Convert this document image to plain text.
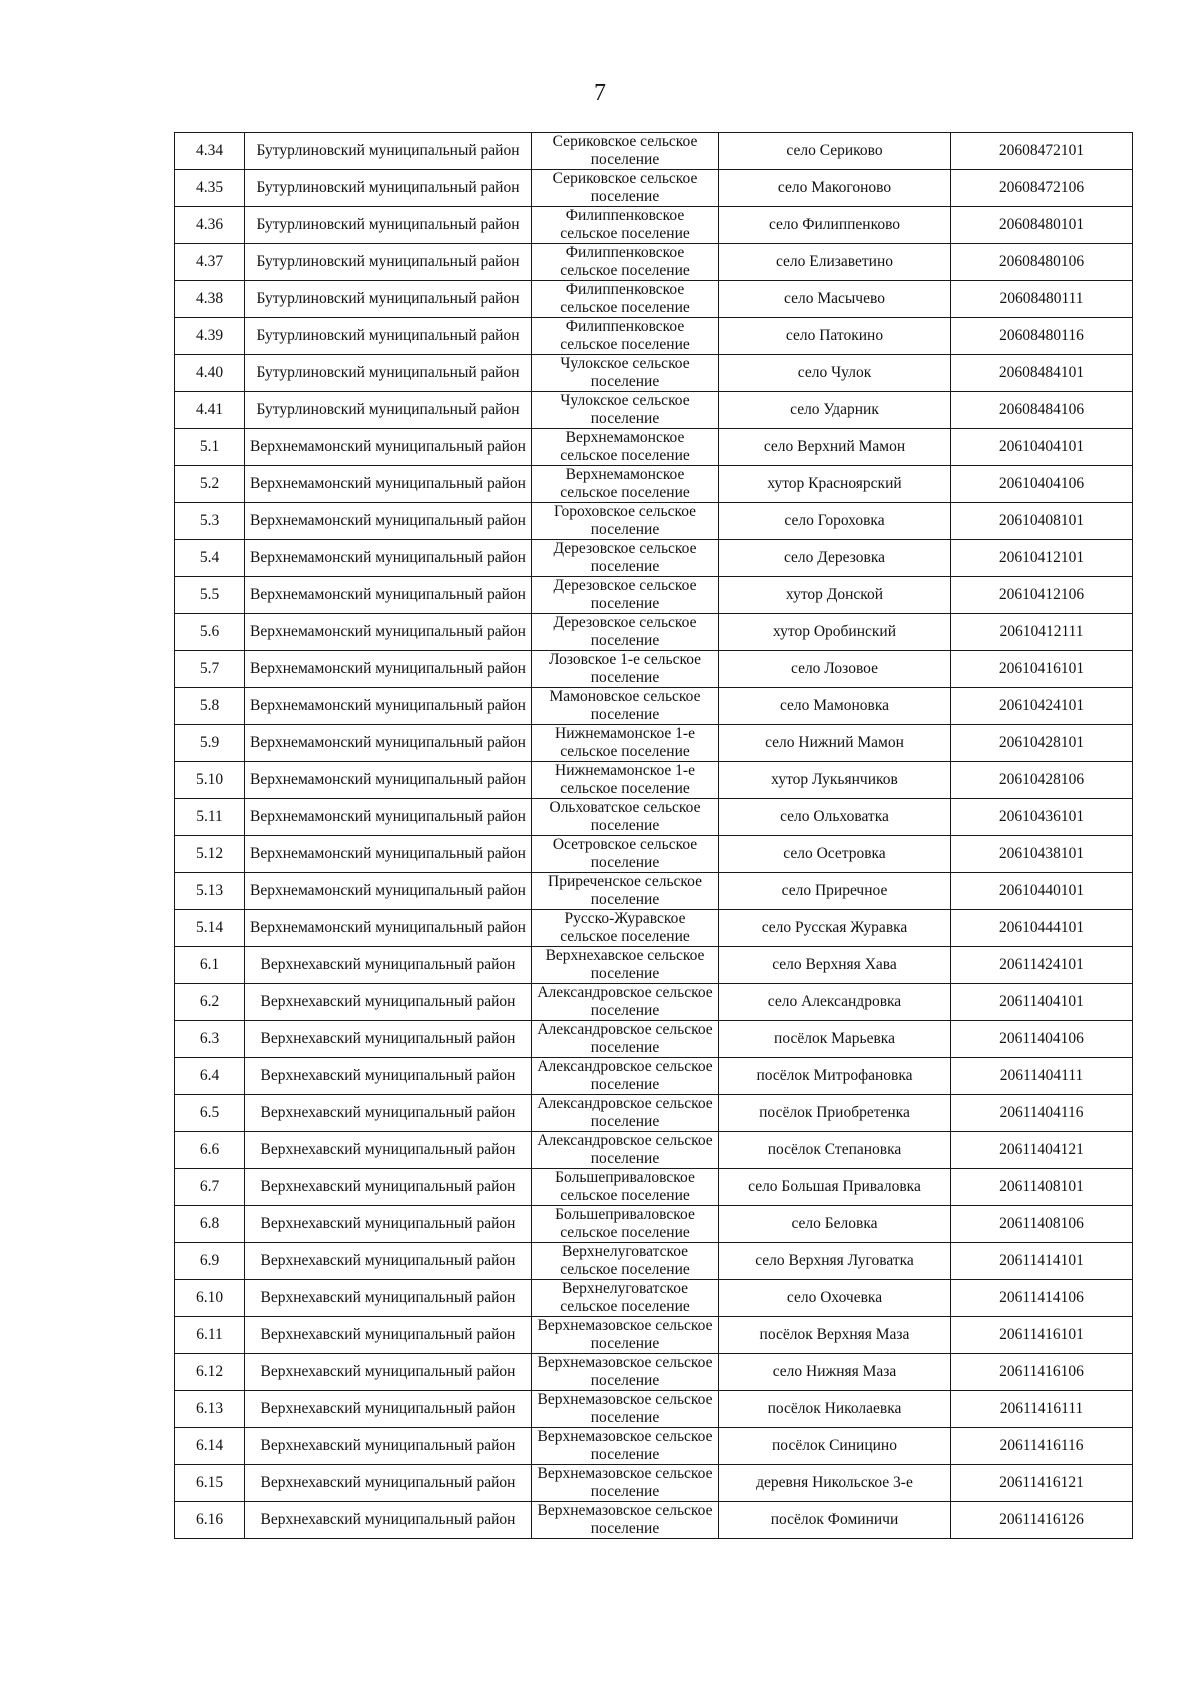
7
4.34	Бутурлиновский муниципальный район	Сериковское сельское поселение	село Сериково	20608472101
4.35	Бутурлиновский муниципальный район	Сериковское сельское поселение	село Макогоново	20608472106
4.36	Бутурлиновский муниципальный район	Филиппенковское сельское поселение	село Филиппенково	20608480101
4.37	Бутурлиновский муниципальный район	Филиппенковское сельское поселение	село Елизаветино	20608480106
4.38	Бутурлиновский муниципальный район	Филиппенковское сельское поселение	село Масычево	20608480111
4.39	Бутурлиновский муниципальный район	Филиппенковское сельское поселение	село Патокино	20608480116
4.40	Бутурлиновский муниципальный район	Чулокское сельское поселение	село Чулок	20608484101
4.41	Бутурлиновский муниципальный район	Чулокское сельское поселение	село Ударник	20608484106
5.1	Верхнемамонский муниципальный район	Верхнемамонское сельское поселение	село Верхний Мамон	20610404101
5.2	Верхнемамонский муниципальный район	Верхнемамонское сельское поселение	хутор Красноярский	20610404106
5.3	Верхнемамонский муниципальный район	Гороховское сельское поселение	село Гороховка	20610408101
5.4	Верхнемамонский муниципальный район	Дерезовское сельское поселение	село Дерезовка	20610412101
5.5	Верхнемамонский муниципальный район	Дерезовское сельское поселение	хутор Донской	20610412106
5.6	Верхнемамонский муниципальный район	Дерезовское сельское поселение	хутор Оробинский	20610412111
5.7	Верхнемамонский муниципальный район	Лозовское 1-е сельское поселение	село Лозовое	20610416101
5.8	Верхнемамонский муниципальный район	Мамоновское сельское поселение	село Мамоновка	20610424101
5.9	Верхнемамонский муниципальный район	Нижнемамонское 1-е сельское поселение	село Нижний Мамон	20610428101
5.10	Верхнемамонский муниципальный район	Нижнемамонское 1-е сельское поселение	хутор Лукьянчиков	20610428106
5.11	Верхнемамонский муниципальный район	Ольховатское сельское поселение	село Ольховатка	20610436101
5.12	Верхнемамонский муниципальный район	Осетровское сельское поселение	село Осетровка	20610438101
5.13	Верхнемамонский муниципальный район	Приреченское сельское поселение	село Приречное	20610440101
5.14	Верхнемамонский муниципальный район	Русско-Журавское сельское поселение	село Русская Журавка	20610444101
6.1	Верхнехавский муниципальный район	Верхнехавское сельское поселение	село Верхняя Хава	20611424101
6.2	Верхнехавский муниципальный район	Александровское сельское поселение	село Александровка	20611404101
6.3	Верхнехавский муниципальный район	Александровское сельское поселение	посёлок Марьевка	20611404106
6.4	Верхнехавский муниципальный район	Александровское сельское поселение	посёлок Митрофановка	20611404111
6.5	Верхнехавский муниципальный район	Александровское сельское поселение	посёлок Приобретенка	20611404116
6.6	Верхнехавский муниципальный район	Александровское сельское поселение	посёлок Степановка	20611404121
6.7	Верхнехавский муниципальный район	Большеприваловское сельское поселение	село Большая Приваловка	20611408101
6.8	Верхнехавский муниципальный район	Большеприваловское сельское поселение	село Беловка	20611408106
6.9	Верхнехавский муниципальный район	Верхнелуговатское сельское поселение	село Верхняя Луговатка	20611414101
6.10	Верхнехавский муниципальный район	Верхнелуговатское сельское поселение	село Охочевка	20611414106
6.11	Верхнехавский муниципальный район	Верхнемазовское сельское поселение	посёлок Верхняя Маза	20611416101
6.12	Верхнехавский муниципальный район	Верхнемазовское сельское поселение	село Нижняя Маза	20611416106
6.13	Верхнехавский муниципальный район	Верхнемазовское сельское поселение	посёлок Николаевка	20611416111
6.14	Верхнехавский муниципальный район	Верхнемазовское сельское поселение	посёлок Синицино	20611416116
6.15	Верхнехавский муниципальный район	Верхнемазовское сельское поселение	деревня Никольское 3-е	20611416121
6.16	Верхнехавский муниципальный район	Верхнемазовское сельское поселение	посёлок Фоминичи	20611416126
